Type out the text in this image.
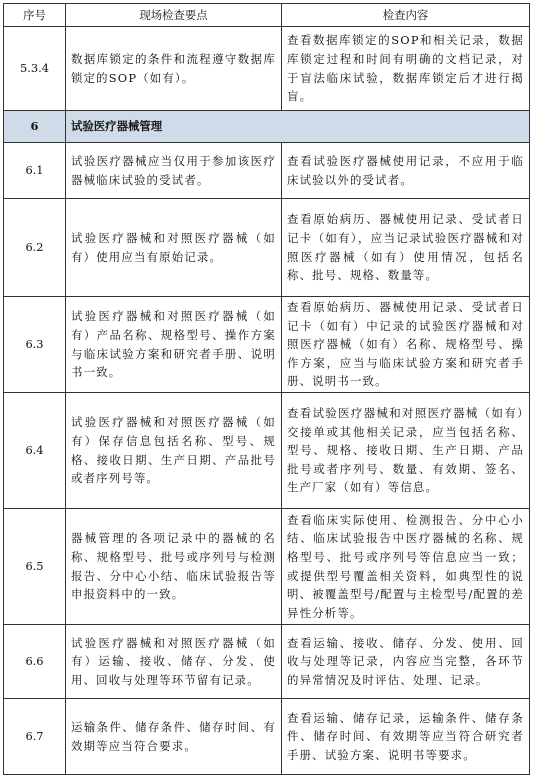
序号	现场检查要点	检查内容
5.3.4	数据库锁定的条件和流程遵守数据库锁定的SOP（如有）。	查看数据库锁定的SOP和相关记录，数据库锁定过程和时间有明确的文档记录，对于盲法临床试验，数据库锁定后才进行揭盲。
6	试验医疗器械管理	
6.1	试验医疗器械应当仅用于参加该医疗器械临床试验的受试者。	查看试验医疗器械使用记录，不应用于临床试验以外的受试者。
6.2	试验医疗器械和对照医疗器械（如有）使用应当有原始记录。	查看原始病历、器械使用记录、受试者日记卡（如有），应当记录试验医疗器械和对照医疗器械（如有）使用情况，包括名称、批号、规格、数量等。
6.3	试验医疗器械和对照医疗器械（如有）产品名称、规格型号、操作方案与临床试验方案和研究者手册、说明书一致。	查看原始病历、器械使用记录、受试者日记卡（如有）中记录的试验医疗器械和对照医疗器械（如有）名称、规格型号、操作方案，应当与临床试验方案和研究者手册、说明书一致。
6.4	试验医疗器械和对照医疗器械（如有）保存信息包括名称、型号、规格、接收日期、生产日期、产品批号或者序列号等。	查看试验医疗器械和对照医疗器械（如有）交接单或其他相关记录，应当包括名称、型号、规格、接收日期、生产日期、产品批号或者序列号、数量、有效期、签名、生产厂家（如有）等信息。
6.5	器械管理的各项记录中的器械的名称、规格型号、批号或序列号与检测报告、分中心小结、临床试验报告等申报资料中的一致。	查看临床实际使用、检测报告、分中心小结、临床试验报告中医疗器械的名称、规格型号、批号或序列号等信息应当一致；或提供型号覆盖相关资料，如典型性的说明、被覆盖型号/配置与主检型号/配置的差异性分析等。
6.6	试验医疗器械和对照医疗器械（如有）运输、接收、储存、分发、使用、回收与处理等环节留有记录。	查看运输、接收、储存、分发、使用、回收与处理等记录，内容应当完整，各环节的异常情况及时评估、处理、记录。
6.7	运输条件、储存条件、储存时间、有效期等应当符合要求。	查看运输、储存记录，运输条件、储存条件、储存时间、有效期等应当符合研究者手册、试验方案、说明书等要求。
